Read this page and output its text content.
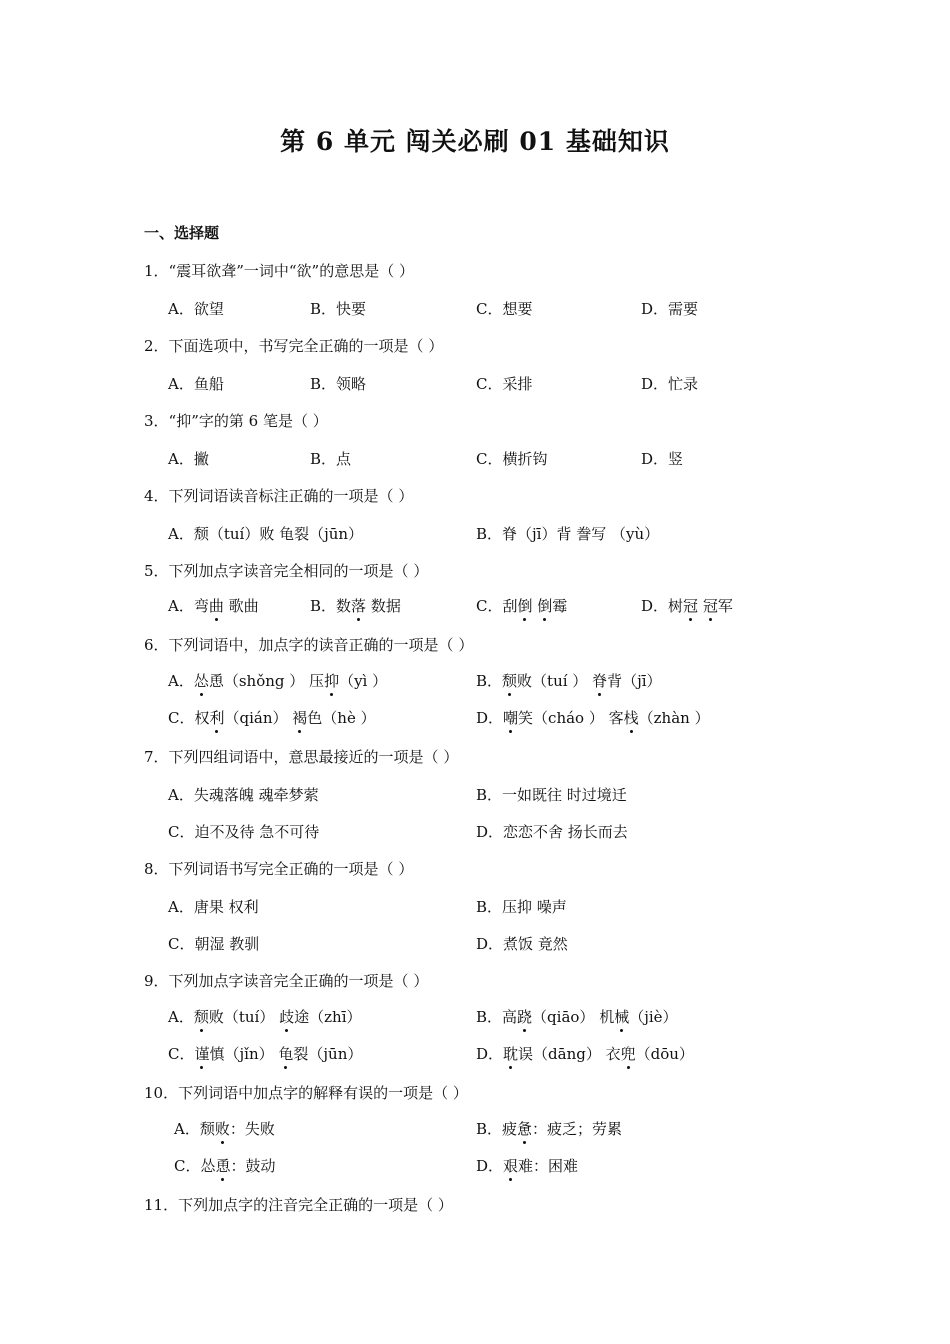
第 6 单元 闯关必刷 01 基础知识
一、选择题
1．“震耳欲聋”一词中“欲”的意思是（ ）
A．欲望	B．快要	C．想要	D．需要
2．下面选项中，书写完全正确的一项是（ ）
A．鱼船	B．领略	C．采排	D．忙录
3．“抑”字的第 6 笔是（ ）
A．撇	B．点	C．横折钩	D．竖
4．下列词语读音标注正确的一项是（ ）
A．颓（tuí）败 龟裂（jūn）	B．脊（jī）背 誊写 （yù）
5．下列加点字读音完全相同的一项是（ ）
A．弯曲 歌曲	B．数落 数据	C．刮倒 倒霉	D．树冠 冠军
6．下列词语中，加点字的读音正确的一项是（ ）
A．怂恿（shǒng ） 压抑（yì ）	B．颓败（tuí ） 脊背（jī）
C．权利（qián） 褐色（hè ）	D．嘲笑（cháo ） 客栈（zhàn ）
7．下列四组词语中，意思最接近的一项是（ ）
A．失魂落魄 魂牵梦萦	B．一如既往 时过境迁
C．迫不及待 急不可待	D．恋恋不舍 扬长而去
8．下列词语书写完全正确的一项是（ ）
A．唐果 权利	B．压抑 噪声
C．朝湿 教驯	D．煮饭 竟然
9．下列加点字读音完全正确的一项是（ ）
A．颓败（tuí） 歧途（zhī）	B．高跷（qiāo） 机械（jiè）
C．谨慎（jǐn） 龟裂（jūn）	D．耽误（dāng） 衣兜（dōu）
10．下列词语中加点字的解释有误的一项是（ ）
A．颓败：失败	B．疲惫：疲乏；劳累
C．怂恿：鼓动	D．艰难：困难
11．下列加点字的注音完全正确的一项是（ ）
